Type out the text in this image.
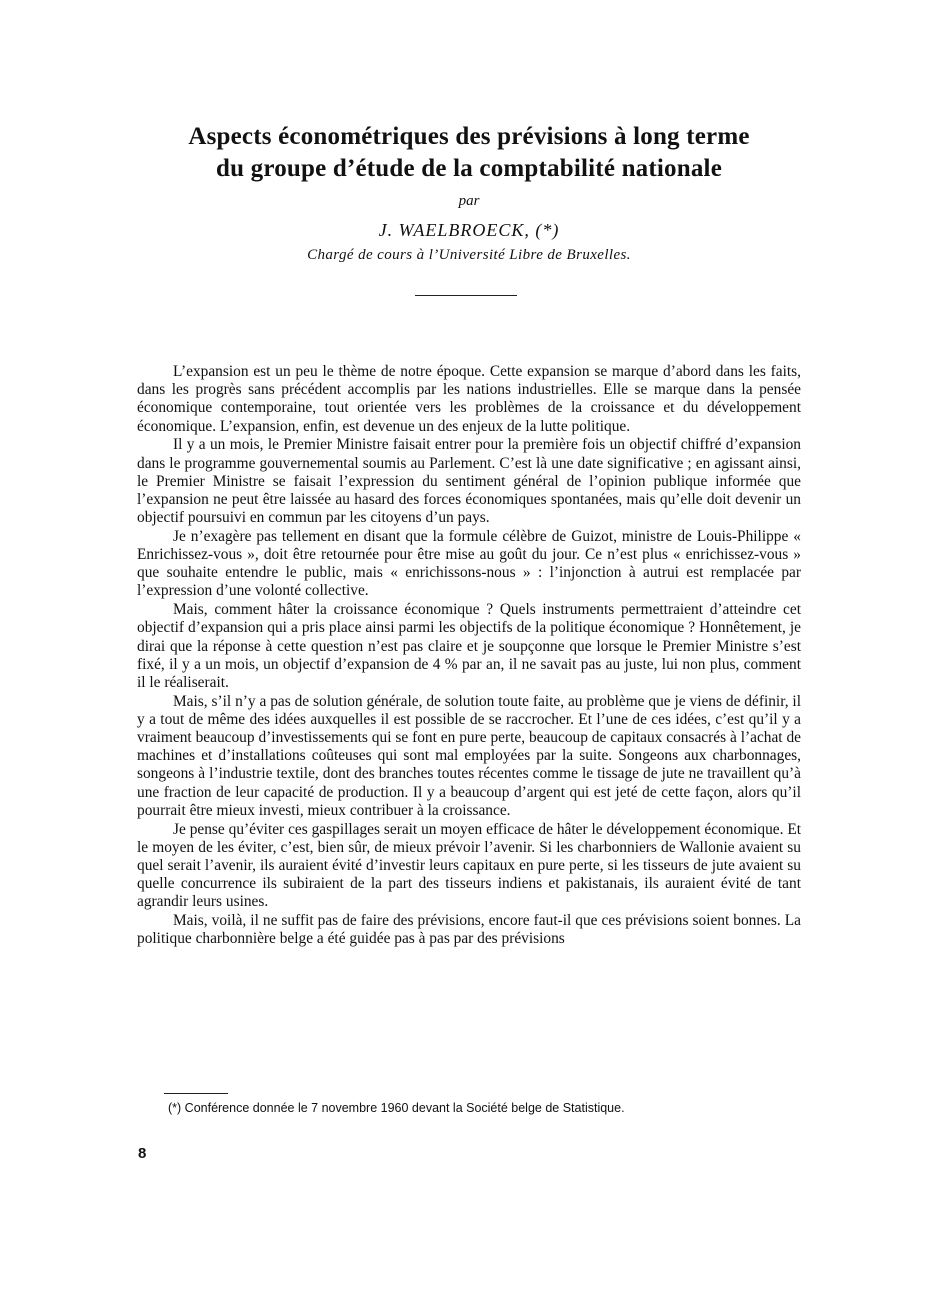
Aspects économétriques des prévisions à long terme
du groupe d’étude de la comptabilité nationale
par
J. WAELBROECK, (*)
Chargé de cours à l’Université Libre de Bruxelles.

L’expansion est un peu le thème de notre époque. Cette expansion se marque d’abord dans les faits, dans les progrès sans précédent accomplis par les nations industrielles. Elle se marque dans la pensée économique contemporaine, tout orientée vers les problèmes de la croissance et du développement économique. L’expansion, enfin, est devenue un des enjeux de la lutte politique.

Il y a un mois, le Premier Ministre faisait entrer pour la première fois un objectif chiffré d’expansion dans le programme gouvernemental soumis au Parlement. C’est là une date significative ; en agissant ainsi, le Premier Ministre se faisait l’expression du sentiment général de l’opinion publique informée que l’expansion ne peut être laissée au hasard des forces économiques spontanées, mais qu’elle doit devenir un objectif poursuivi en commun par les citoyens d’un pays.

Je n’exagère pas tellement en disant que la formule célèbre de Guizot, ministre de Louis-Philippe « Enrichissez-vous », doit être retournée pour être mise au goût du jour. Ce n’est plus « enrichissez-vous » que souhaite entendre le public, mais « enrichissons-nous » : l’injonction à autrui est remplacée par l’expression d’une volonté collective.

Mais, comment hâter la croissance économique ? Quels instruments permettraient d’atteindre cet objectif d’expansion qui a pris place ainsi parmi les objectifs de la politique économique ? Honnêtement, je dirai que la réponse à cette question n’est pas claire et je soupçonne que lorsque le Premier Ministre s’est fixé, il y a un mois, un objectif d’expansion de 4 % par an, il ne savait pas au juste, lui non plus, comment il le réaliserait.

Mais, s’il n’y a pas de solution générale, de solution toute faite, au problème que je viens de définir, il y a tout de même des idées auxquelles il est possible de se raccrocher. Et l’une de ces idées, c’est qu’il y a vraiment beaucoup d’investissements qui se font en pure perte, beaucoup de capitaux consacrés à l’achat de machines et d’installations coûteuses qui sont mal employées par la suite. Songeons aux charbonnages, songeons à l’industrie textile, dont des branches toutes récentes comme le tissage de jute ne travaillent qu’à une fraction de leur capacité de production. Il y a beaucoup d’argent qui est jeté de cette façon, alors qu’il pourrait être mieux investi, mieux contribuer à la croissance.

Je pense qu’éviter ces gaspillages serait un moyen efficace de hâter le développement économique. Et le moyen de les éviter, c’est, bien sûr, de mieux prévoir l’avenir. Si les charbonniers de Wallonie avaient su quel serait l’avenir, ils auraient évité d’investir leurs capitaux en pure perte, si les tisseurs de jute avaient su quelle concurrence ils subiraient de la part des tisseurs indiens et pakistanais, ils auraient évité de tant agrandir leurs usines.

Mais, voilà, il ne suffit pas de faire des prévisions, encore faut-il que ces prévisions soient bonnes. La politique charbonnière belge a été guidée pas à pas par des prévisions

(*) Conférence donnée le 7 novembre 1960 devant la Société belge de Statistique.
8
